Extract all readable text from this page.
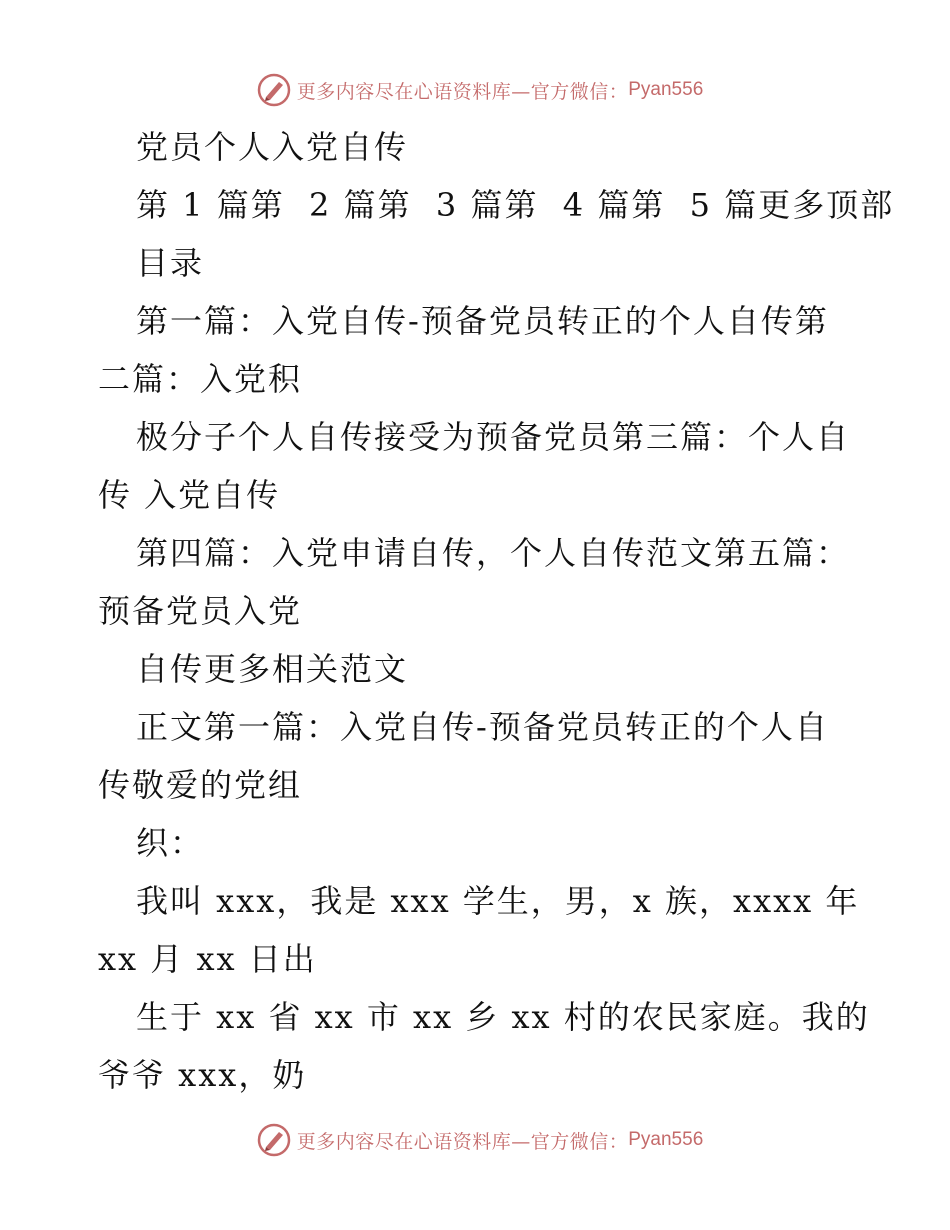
更多内容尽在心语资料库—官方微信： Pyan556
党员个人入党自传
第 1 篇第  2 篇第  3 篇第  4 篇第  5 篇更多顶部
目录
第一篇：入党自传-预备党员转正的个人自传第
二篇：入党积
极分子个人自传接受为预备党员第三篇：个人自
传 入党自传
第四篇：入党申请自传，个人自传范文第五篇：
预备党员入党
自传更多相关范文
正文第一篇：入党自传-预备党员转正的个人自
传敬爱的党组
织：
我叫 xxx，我是 xxx 学生，男，x 族，xxxx 年
xx 月 xx 日出
生于 xx 省 xx 市 xx 乡 xx 村的农民家庭。我的
爷爷 xxx，奶
更多内容尽在心语资料库—官方微信： Pyan556
